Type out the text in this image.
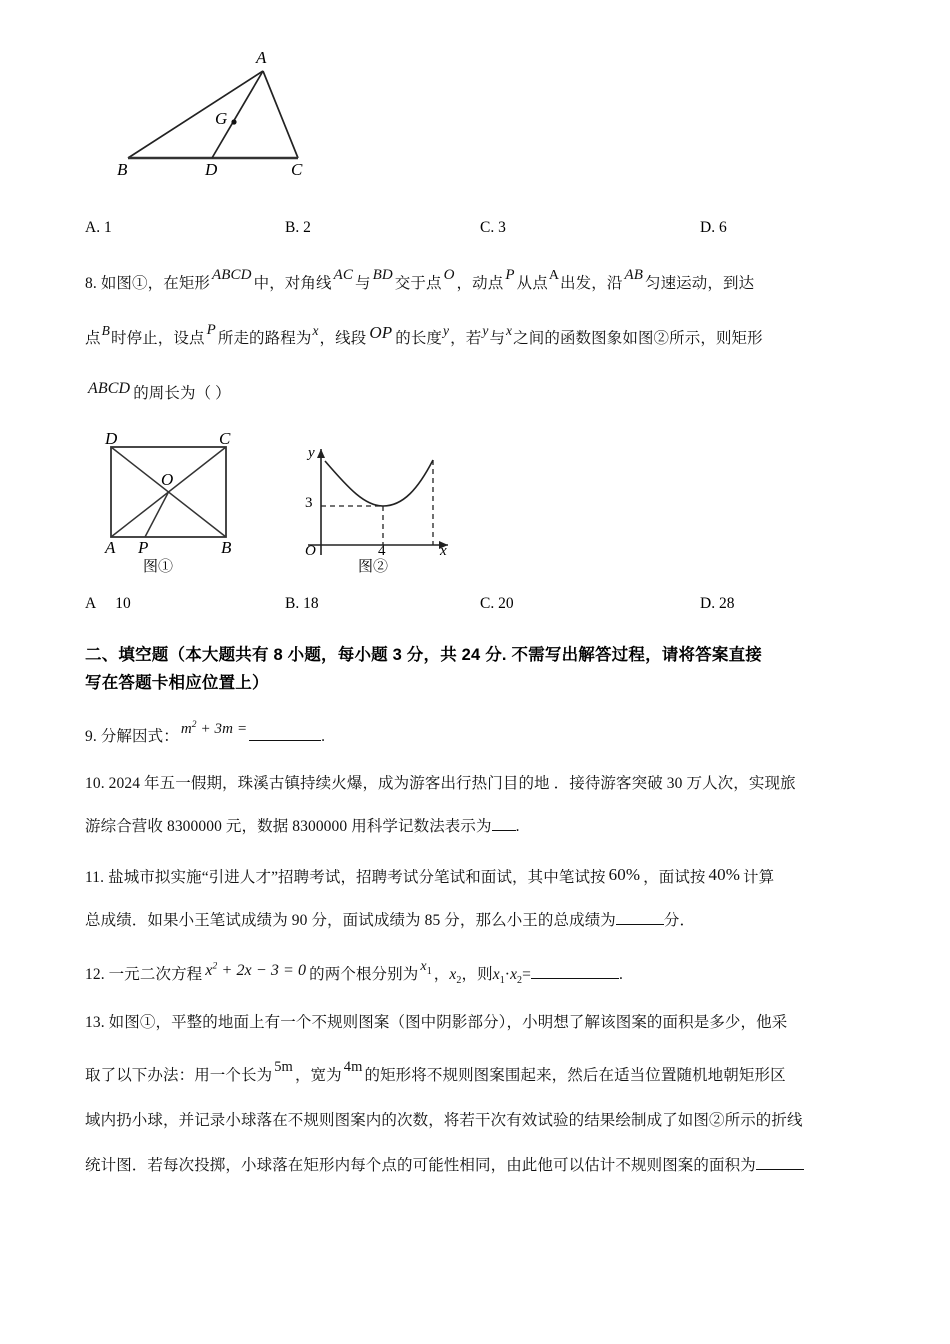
A
B	C
D
G
A. 1	B. 2	C. 3	D. 6
8. 如图①，在矩形 ABCD 中，对角线 AC 与 BD 交于点 O ，动点 P 从点A出发，沿 AB 匀速运动，到达
点B时停止，设点 P 所走的路程为x，线段 OP 的长度y，若y与x之间的函数图象如图②所示，则矩形
ABCD 的周长为（ ）
D	C
O
A P	B
图①
y
x
O
3
4
图②
A 10	B. 18	C. 20	D. 28
二、填空题（本大题共有 8 小题，每小题 3 分，共 24 分. 不需写出解答过程，请将答案直接
写在答题卡相应位置上）
9. 分解因式： $m^2 + 3m$ =	.
10. 2024 年五一假期，珠溪古镇持续火爆，成为游客出行热门目的地 ．接待游客突破 30 万人次，实现旅
游综合营收 8300000 元，数据 8300000 用科学记数法表示为 .
11. 盐城市拟实施“引进人才”招聘考试，招聘考试分笔试和面试，其中笔试按 60% ，面试按 40% 计算
总成绩．如果小王笔试成绩为 90 分，面试成绩为 85 分，那么小王的总成绩为	分．
12. 一元二次方程 $x^2 + 2x - 3 = 0$ 的两个根分别为 $x_1$ ，$x_2$，则$x_1\cdot x_2=$	.
13. 如图①，平整的地面上有一个不规则图案（图中阴影部分），小明想了解该图案的面积是多少，他采
取了以下办法：用一个长为 5m ，宽为 4m 的矩形将不规则图案围起来，然后在适当位置随机地朝矩形区
域内扔小球，并记录小球落在不规则图案内的次数，将若干次有效试验的结果绘制成了如图②所示的折线
统计图．若每次投掷，小球落在矩形内每个点的可能性相同，由此他可以估计不规则图案的面积为
